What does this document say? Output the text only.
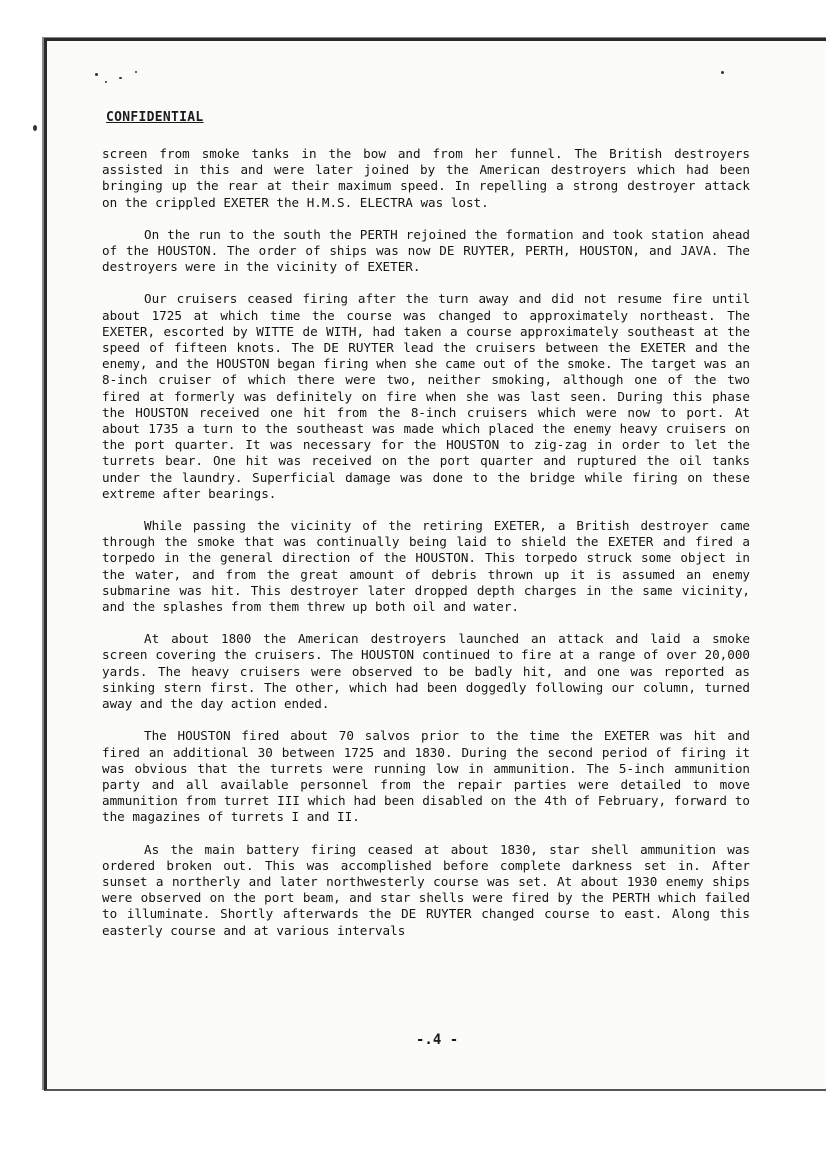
CONFIDENTIAL

screen from smoke tanks in the bow and from her funnel. The British destroyers assisted in this and were later joined by the American destroyers which had been bringing up the rear at their maximum speed. In repelling a strong destroyer attack on the crippled EXETER the H.M.S. ELECTRA was lost.

On the run to the south the PERTH rejoined the formation and took station ahead of the HOUSTON. The order of ships was now DE RUYTER, PERTH, HOUSTON, and JAVA. The destroyers were in the vicinity of EXETER.

Our cruisers ceased firing after the turn away and did not resume fire until about 1725 at which time the course was changed to approximately northeast. The EXETER, escorted by WITTE de WITH, had taken a course approximately southeast at the speed of fifteen knots. The DE RUYTER lead the cruisers between the EXETER and the enemy, and the HOUSTON began firing when she came out of the smoke. The target was an 8-inch cruiser of which there were two, neither smoking, although one of the two fired at formerly was definitely on fire when she was last seen. During this phase the HOUSTON received one hit from the 8-inch cruisers which were now to port. At about 1735 a turn to the southeast was made which placed the enemy heavy cruisers on the port quarter. It was necessary for the HOUSTON to zig-zag in order to let the turrets bear. One hit was received on the port quarter and ruptured the oil tanks under the laundry. Superficial damage was done to the bridge while firing on these extreme after bearings.

While passing the vicinity of the retiring EXETER, a British destroyer came through the smoke that was continually being laid to shield the EXETER and fired a torpedo in the general direction of the HOUSTON. This torpedo struck some object in the water, and from the great amount of debris thrown up it is assumed an enemy submarine was hit. This destroyer later dropped depth charges in the same vicinity, and the splashes from them threw up both oil and water.

At about 1800 the American destroyers launched an attack and laid a smoke screen covering the cruisers. The HOUSTON continued to fire at a range of over 20,000 yards. The heavy cruisers were observed to be badly hit, and one was reported as sinking stern first. The other, which had been doggedly following our column, turned away and the day action ended.

The HOUSTON fired about 70 salvos prior to the time the EXETER was hit and fired an additional 30 between 1725 and 1830. During the second period of firing it was obvious that the turrets were running low in ammunition. The 5-inch ammunition party and all available personnel from the repair parties were detailed to move ammunition from turret III which had been disabled on the 4th of February, forward to the magazines of turrets I and II.

As the main battery firing ceased at about 1830, star shell ammunition was ordered broken out. This was accomplished before complete darkness set in. After sunset a northerly and later northwesterly course was set. At about 1930 enemy ships were observed on the port beam, and star shells were fired by the PERTH which failed to illuminate. Shortly afterwards the DE RUYTER changed course to east. Along this easterly course and at various intervals

-.4 -
